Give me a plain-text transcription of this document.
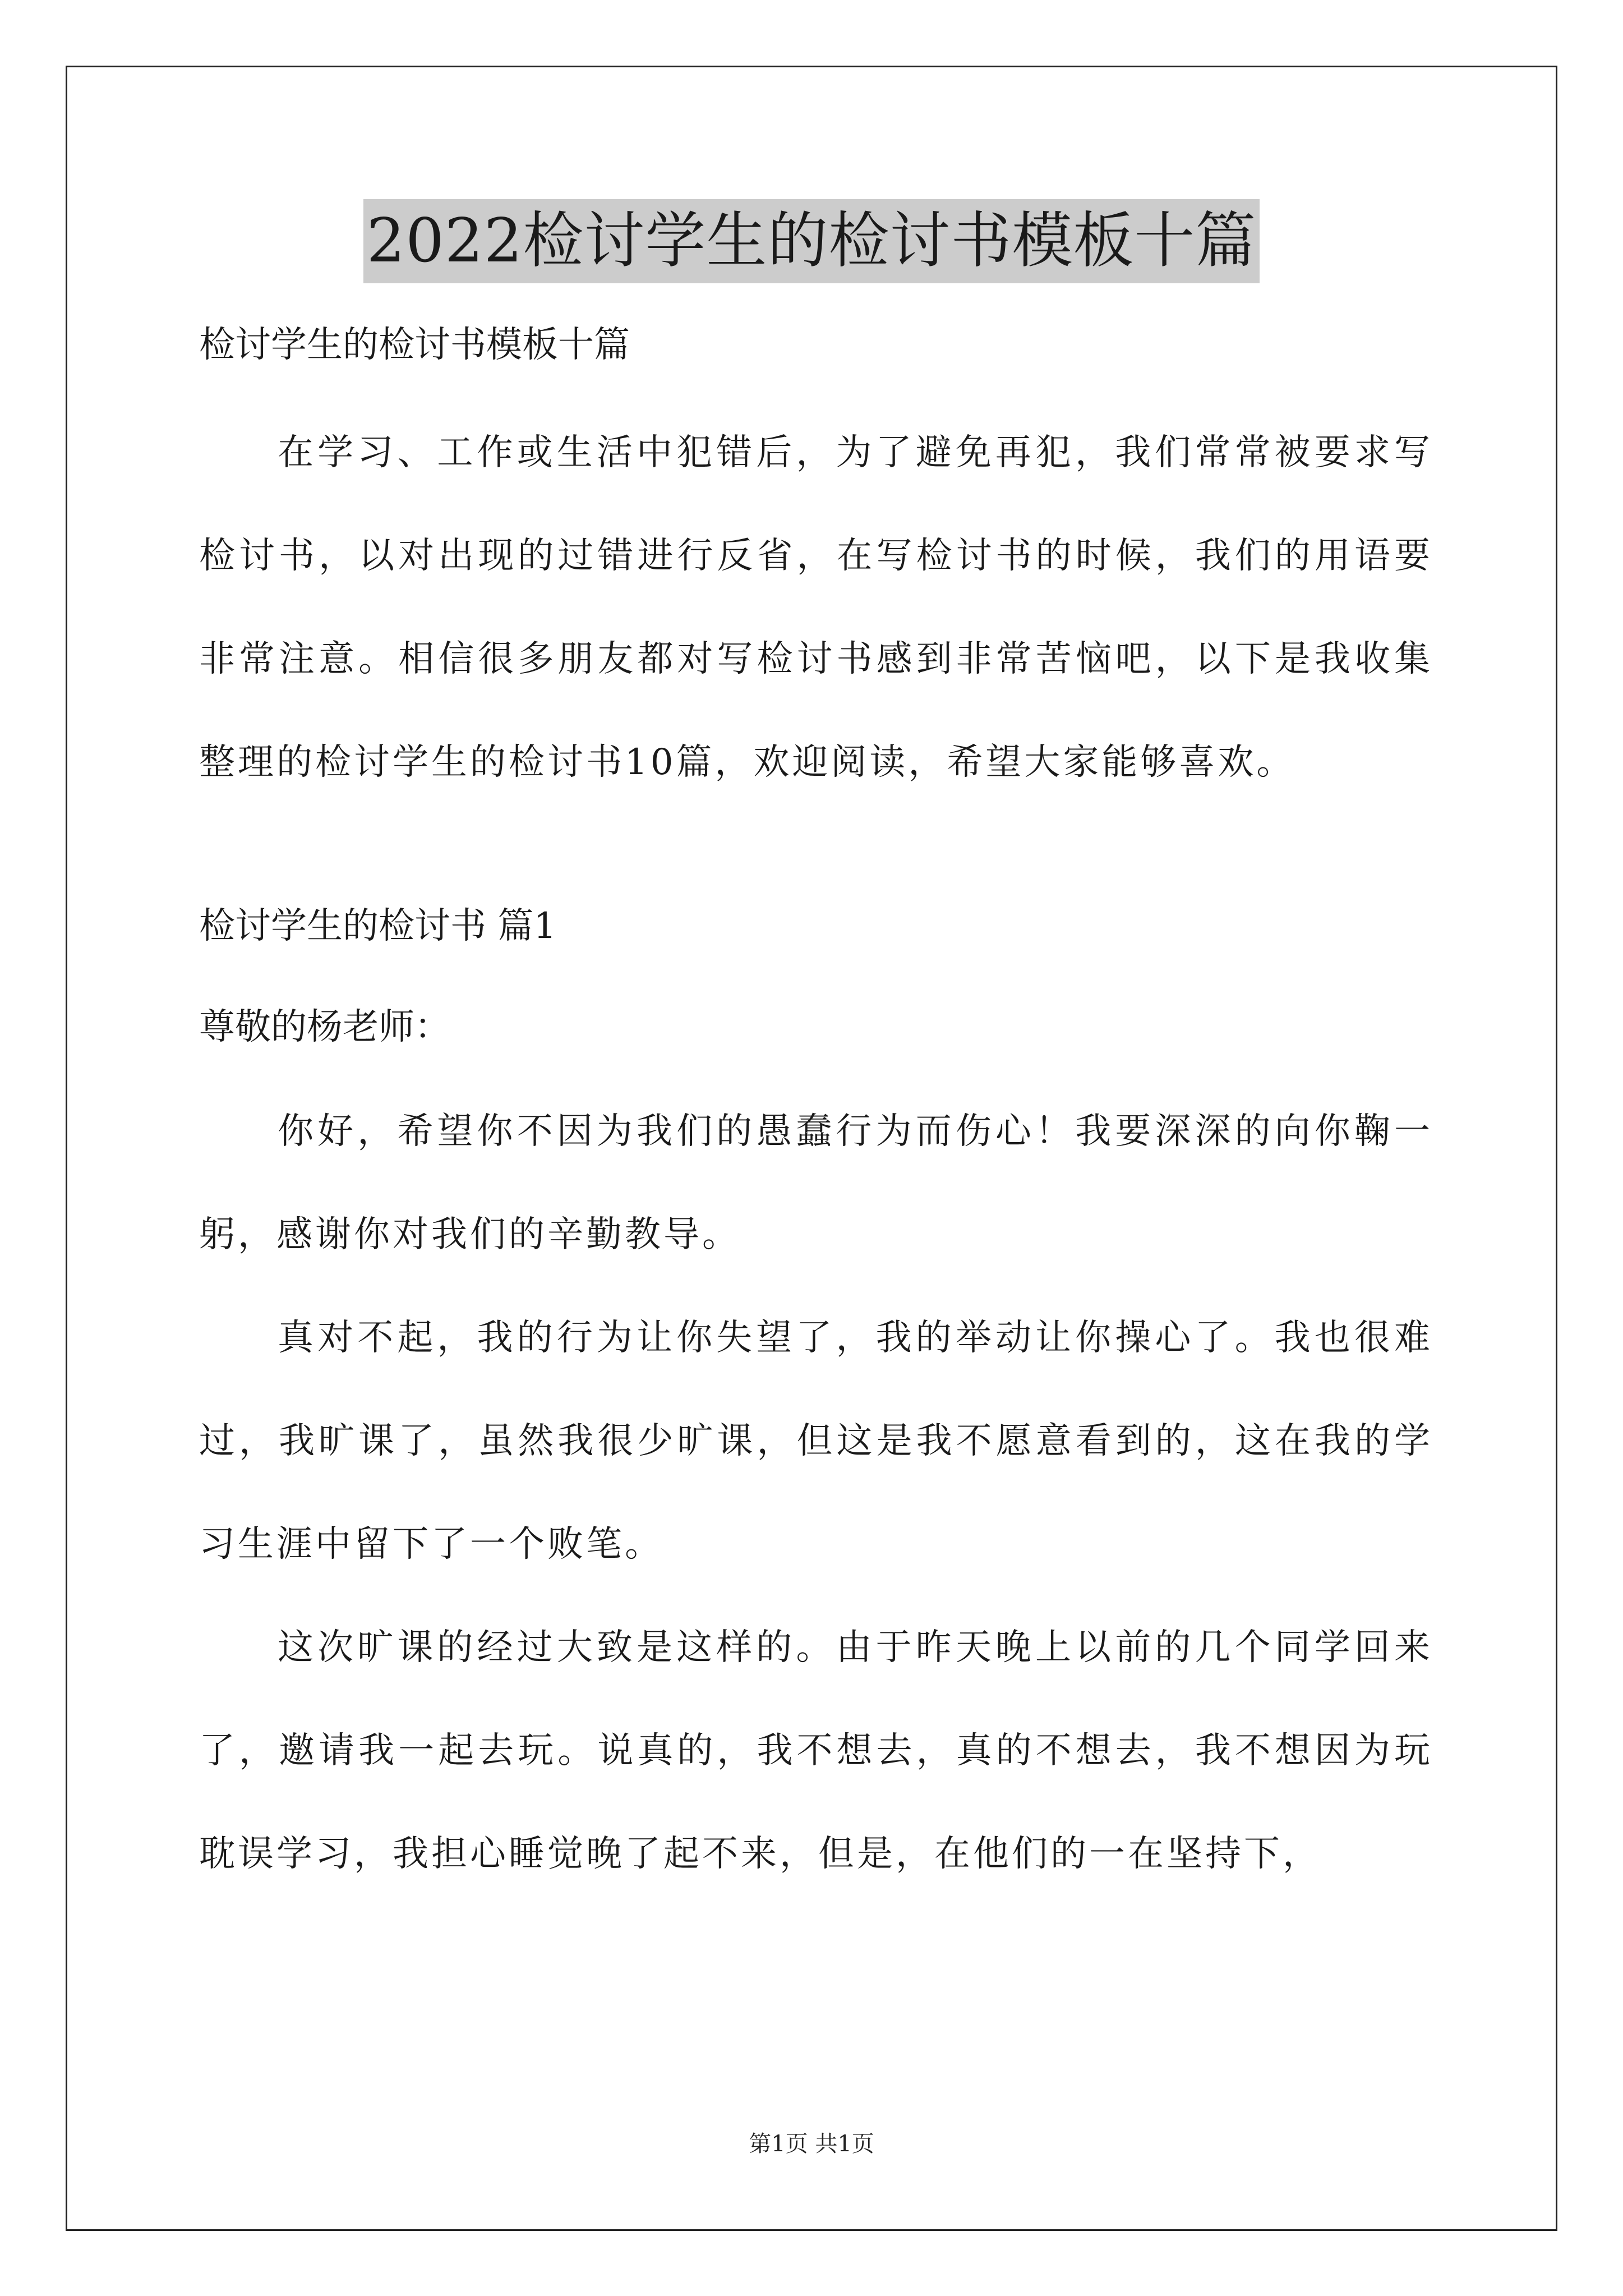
2022检讨学生的检讨书模板十篇

检讨学生的检讨书模板十篇

在学习、工作或生活中犯错后，为了避免再犯，我们常常被要求写检讨书，以对出现的过错进行反省，在写检讨书的时候，我们的用语要非常注意。相信很多朋友都对写检讨书感到非常苦恼吧，以下是我收集整理的检讨学生的检讨书10篇，欢迎阅读，希望大家能够喜欢。

检讨学生的检讨书 篇1

尊敬的杨老师：

你好，希望你不因为我们的愚蠢行为而伤心！我要深深的向你鞠一躬，感谢你对我们的辛勤教导。

真对不起，我的行为让你失望了，我的举动让你操心了。我也很难过，我旷课了，虽然我很少旷课，但这是我不愿意看到的，这在我的学习生涯中留下了一个败笔。

这次旷课的经过大致是这样的。由于昨天晚上以前的几个同学回来了，邀请我一起去玩。说真的，我不想去，真的不想去，我不想因为玩耽误学习，我担心睡觉晚了起不来，但是，在他们的一在坚持下，

第1页 共1页
